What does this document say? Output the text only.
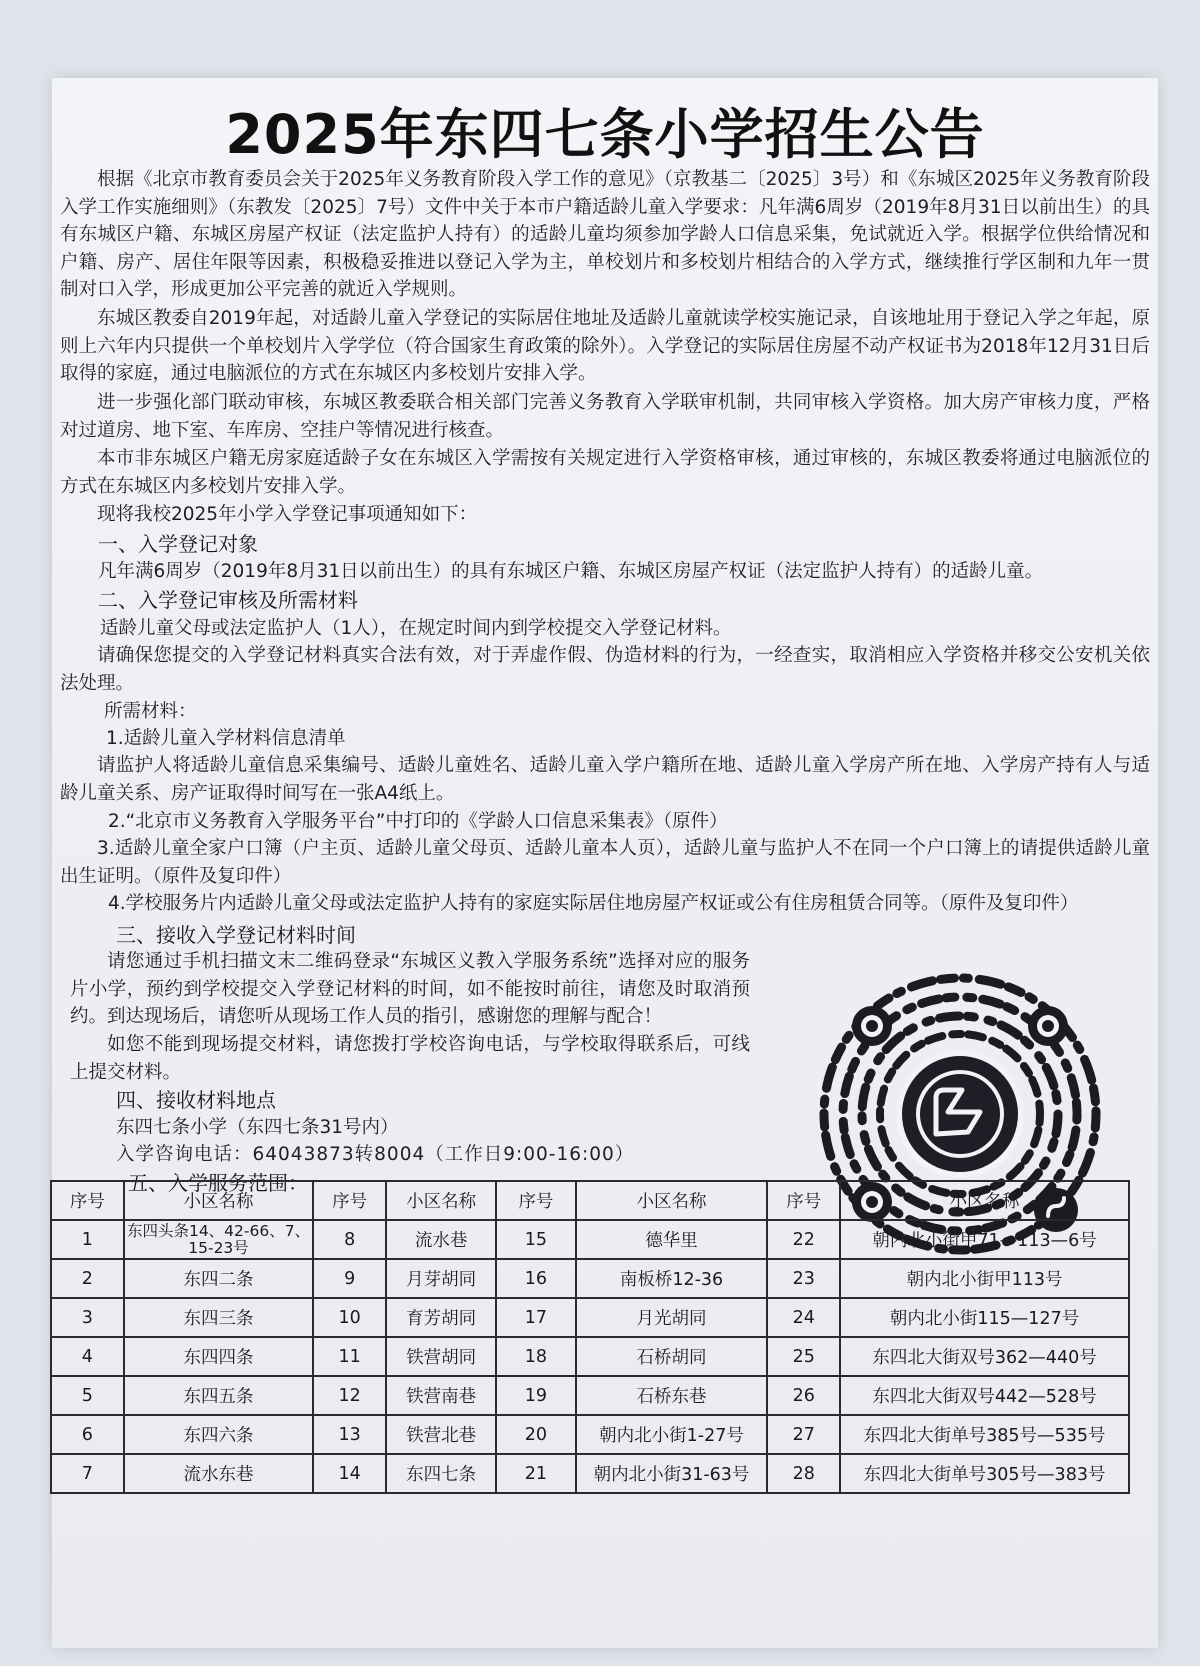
2025年东四七条小学招生公告

根据《北京市教育委员会关于2025年义务教育阶段入学工作的意见》（京教基二〔2025〕3号）和《东城区2025年义务教育阶段入学工作实施细则》（东教发〔2025〕7号）文件中关于本市户籍适龄儿童入学要求：凡年满6周岁（2019年8月31日以前出生）的具有东城区户籍、东城区房屋产权证（法定监护人持有）的适龄儿童均须参加学龄人口信息采集，免试就近入学。根据学位供给情况和户籍、房产、居住年限等因素，积极稳妥推进以登记入学为主，单校划片和多校划片相结合的入学方式，继续推行学区制和九年一贯制对口入学，形成更加公平完善的就近入学规则。

东城区教委自2019年起，对适龄儿童入学登记的实际居住地址及适龄儿童就读学校实施记录，自该地址用于登记入学之年起，原则上六年内只提供一个单校划片入学学位（符合国家生育政策的除外）。入学登记的实际居住房屋不动产权证书为2018年12月31日后取得的家庭，通过电脑派位的方式在东城区内多校划片安排入学。

进一步强化部门联动审核，东城区教委联合相关部门完善义务教育入学联审机制，共同审核入学资格。加大房产审核力度，严格对过道房、地下室、车库房、空挂户等情况进行核查。

本市非东城区户籍无房家庭适龄子女在东城区入学需按有关规定进行入学资格审核，通过审核的，东城区教委将通过电脑派位的方式在东城区内多校划片安排入学。

现将我校2025年小学入学登记事项通知如下：

一、入学登记对象
凡年满6周岁（2019年8月31日以前出生）的具有东城区户籍、东城区房屋产权证（法定监护人持有）的适龄儿童。
二、入学登记审核及所需材料
适龄儿童父母或法定监护人（1人），在规定时间内到学校提交入学登记材料。

请确保您提交的入学登记材料真实合法有效，对于弄虚作假、伪造材料的行为，一经查实，取消相应入学资格并移交公安机关依法处理。

所需材料：
1.适龄儿童入学材料信息清单

请监护人将适龄儿童信息采集编号、适龄儿童姓名、适龄儿童入学户籍所在地、适龄儿童入学房产所在地、入学房产持有人与适龄儿童关系、房产证取得时间写在一张A4纸上。

2.“北京市义务教育入学服务平台”中打印的《学龄人口信息采集表》（原件）

3.适龄儿童全家户口簿（户主页、适龄儿童父母页、适龄儿童本人页），适龄儿童与监护人不在同一个户口簿上的请提供适龄儿童出生证明。（原件及复印件）

4.学校服务片内适龄儿童父母或法定监护人持有的家庭实际居住地房屋产权证或公有住房租赁合同等。（原件及复印件）
三、接收入学登记材料时间

请您通过手机扫描文末二维码登录“东城区义教入学服务系统”选择对应的服务片小学，预约到学校提交入学登记材料的时间，如不能按时前往，请您及时取消预约。到达现场后，请您听从现场工作人员的指引，感谢您的理解与配合！

如您不能到现场提交材料，请您拨打学校咨询电话，与学校取得联系后，可线上提交材料。

四、接收材料地点
东四七条小学（东四七条31号内）
入学咨询电话：64043873转8004（工作日9:00-16:00）
五、入学服务范围：
序号	小区名称	序号	小区名称	序号	小区名称	序号	小区名称
1	东四头条14、42-66、7、15-23号	8	流水巷	15	德华里	22	朝内北小街甲71—113—6号
2	东四二条	9	月芽胡同	16	南板桥12-36	23	朝内北小街甲113号
3	东四三条	10	育芳胡同	17	月光胡同	24	朝内北小街115—127号
4	东四四条	11	铁营胡同	18	石桥胡同	25	东四北大街双号362—440号
5	东四五条	12	铁营南巷	19	石桥东巷	26	东四北大街双号442—528号
6	东四六条	13	铁营北巷	20	朝内北小街1-27号	27	东四北大街单号385号—535号
7	流水东巷	14	东四七条	21	朝内北小街31-63号	28	东四北大街单号305号—383号
